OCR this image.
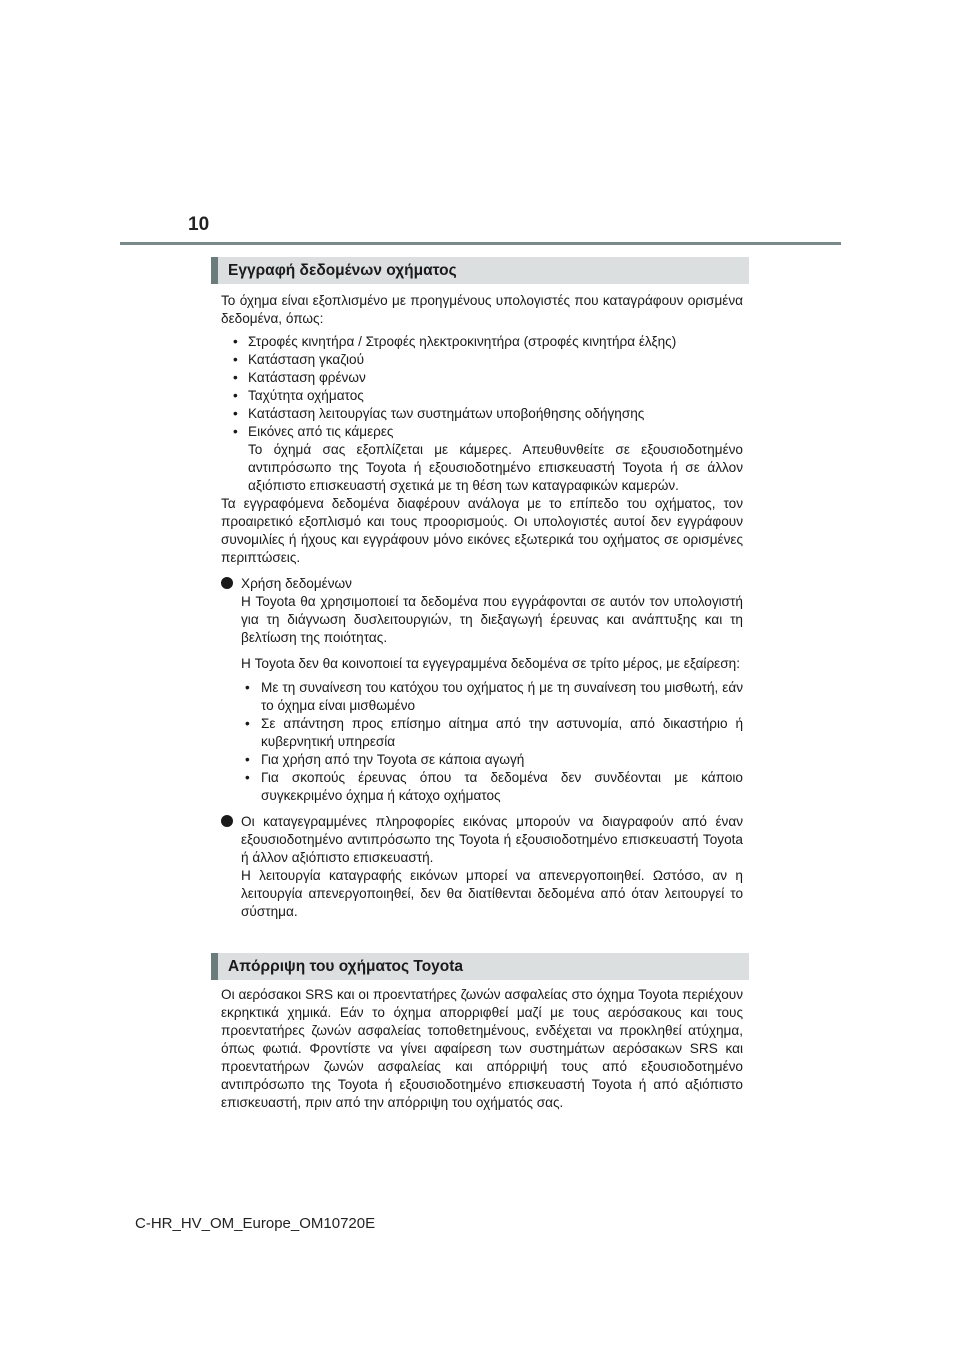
10
Εγγραφή δεδομένων οχήματος

Το όχημα είναι εξοπλισμένο με προηγμένους υπολογιστές που καταγράφουν ορισμένα δεδομένα, όπως:

• Στροφές κινητήρα / Στροφές ηλεκτροκινητήρα (στροφές κινητήρα έλξης)
• Κατάσταση γκαζιού
• Κατάσταση φρένων
• Ταχύτητα οχήματος
• Κατάσταση λειτουργίας των συστημάτων υποβοήθησης οδήγησης
• Εικόνες από τις κάμερες
Το όχημά σας εξοπλίζεται με κάμερες. Απευθυνθείτε σε εξουσιοδοτημένο αντιπρόσωπο της Toyota ή εξουσιοδοτημένο επισκευαστή Toyota ή σε άλλον αξιόπιστο επισκευαστή σχετικά με τη θέση των καταγραφικών καμερών.

Τα εγγραφόμενα δεδομένα διαφέρουν ανάλογα με το επίπεδο του οχήματος, τον προαιρετικό εξοπλισμό και τους προορισμούς. Οι υπολογιστές αυτοί δεν εγγράφουν συνομιλίες ή ήχους και εγγράφουν μόνο εικόνες εξωτερικά του οχήματος σε ορισμένες περιπτώσεις.

Χρήση δεδομένων

Η Toyota θα χρησιμοποιεί τα δεδομένα που εγγράφονται σε αυτόν τον υπολογιστή για τη διάγνωση δυσλειτουργιών, τη διεξαγωγή έρευνας και ανάπτυξης και τη βελτίωση της ποιότητας.

Η Toyota δεν θα κοινοποιεί τα εγγεγραμμένα δεδομένα σε τρίτο μέρος, με εξαίρεση:

• Με τη συναίνεση του κατόχου του οχήματος ή με τη συναίνεση του μισθωτή, εάν το όχημα είναι μισθωμένο
• Σε απάντηση προς επίσημο αίτημα από την αστυνομία, από δικαστήριο ή κυβερνητική υπηρεσία
• Για χρήση από την Toyota σε κάποια αγωγή
• Για σκοπούς έρευνας όπου τα δεδομένα δεν συνδέονται με κάποιο συγκεκριμένο όχημα ή κάτοχο οχήματος

Οι καταγεγραμμένες πληροφορίες εικόνας μπορούν να διαγραφούν από έναν εξουσιοδοτημένο αντιπρόσωπο της Toyota ή εξουσιοδοτημένο επισκευαστή Toyota ή άλλον αξιόπιστο επισκευαστή.

Η λειτουργία καταγραφής εικόνων μπορεί να απενεργοποιηθεί. Ωστόσο, αν η λειτουργία απενεργοποιηθεί, δεν θα διατίθενται δεδομένα από όταν λειτουργεί το σύστημα.

Απόρριψη του οχήματος Toyota

Οι αερόσακοι SRS και οι προεντατήρες ζωνών ασφαλείας στο όχημα Toyota περιέχουν εκρηκτικά χημικά. Εάν το όχημα απορριφθεί μαζί με τους αερόσακους και τους προεντατήρες ζωνών ασφαλείας τοποθετημένους, ενδέχεται να προκληθεί ατύχημα, όπως φωτιά. Φροντίστε να γίνει αφαίρεση των συστημάτων αερόσακων SRS και προεντατήρων ζωνών ασφαλείας και απόρριψή τους από εξουσιοδοτημένο αντιπρόσωπο της Toyota ή εξουσιοδοτημένο επισκευαστή Toyota ή από αξιόπιστο επισκευαστή, πριν από την απόρριψη του οχήματός σας.

C-HR_HV_OM_Europe_OM10720E
